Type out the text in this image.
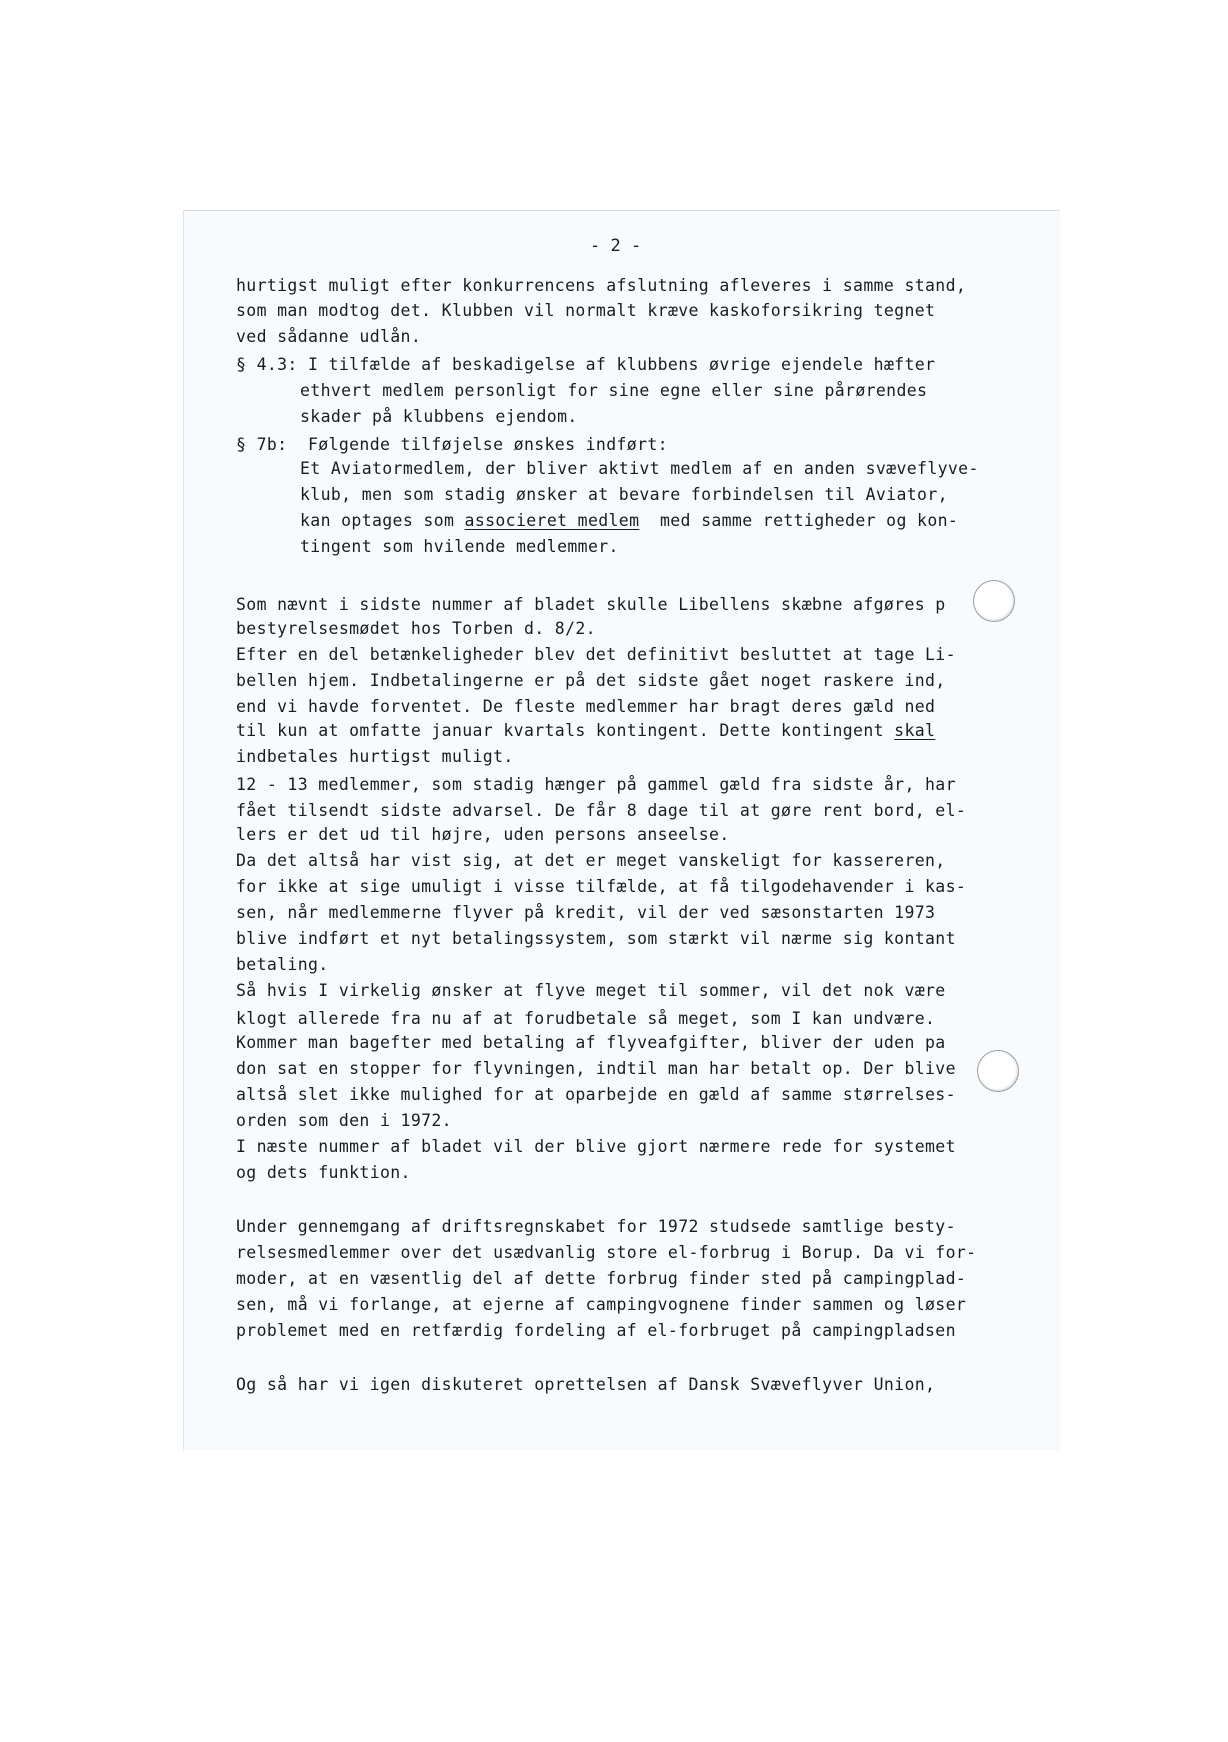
- 2 -
hurtigst muligt efter konkurrencens afslutning afleveres i samme stand,
som man modtog det. Klubben vil normalt kræve kaskoforsikring tegnet
ved sådanne udlån.
§ 4.3: I tilfælde af beskadigelse af klubbens øvrige ejendele hæfter
ethvert medlem personligt for sine egne eller sine pårørendes
skader på klubbens ejendom.
§ 7b:  Følgende tilføjelse ønskes indført:
Et Aviatormedlem, der bliver aktivt medlem af en anden svæveflyve-
klub, men som stadig ønsker at bevare forbindelsen til Aviator,
kan optages som associeret medlem  med samme rettigheder og kon-
tingent som hvilende medlemmer.
Som nævnt i sidste nummer af bladet skulle Libellens skæbne afgøres p
bestyrelsesmødet hos Torben d. 8/2.
Efter en del betænkeligheder blev det definitivt besluttet at tage Li-
bellen hjem. Indbetalingerne er på det sidste gået noget raskere ind,
end vi havde forventet. De fleste medlemmer har bragt deres gæld ned
til kun at omfatte januar kvartals kontingent. Dette kontingent skal
indbetales hurtigst muligt.
12 - 13 medlemmer, som stadig hænger på gammel gæld fra sidste år, har
fået tilsendt sidste advarsel. De får 8 dage til at gøre rent bord, el-
lers er det ud til højre, uden persons anseelse.
Da det altså har vist sig, at det er meget vanskeligt for kassereren,
for ikke at sige umuligt i visse tilfælde, at få tilgodehavender i kas-
sen, når medlemmerne flyver på kredit, vil der ved sæsonstarten 1973
blive indført et nyt betalingssystem, som stærkt vil nærme sig kontant
betaling.
Så hvis I virkelig ønsker at flyve meget til sommer, vil det nok være
klogt allerede fra nu af at forudbetale så meget, som I kan undvære.
Kommer man bagefter med betaling af flyveafgifter, bliver der uden pa
don sat en stopper for flyvningen, indtil man har betalt op. Der blive
altså slet ikke mulighed for at oparbejde en gæld af samme størrelses-
orden som den i 1972.
I næste nummer af bladet vil der blive gjort nærmere rede for systemet
og dets funktion.
Under gennemgang af driftsregnskabet for 1972 studsede samtlige besty-
relsesmedlemmer over det usædvanlig store el-forbrug i Borup. Da vi for-
moder, at en væsentlig del af dette forbrug finder sted på campingplad-
sen, må vi forlange, at ejerne af campingvognene finder sammen og løser
problemet med en retfærdig fordeling af el-forbruget på campingpladsen
Og så har vi igen diskuteret oprettelsen af Dansk Svæveflyver Union,
